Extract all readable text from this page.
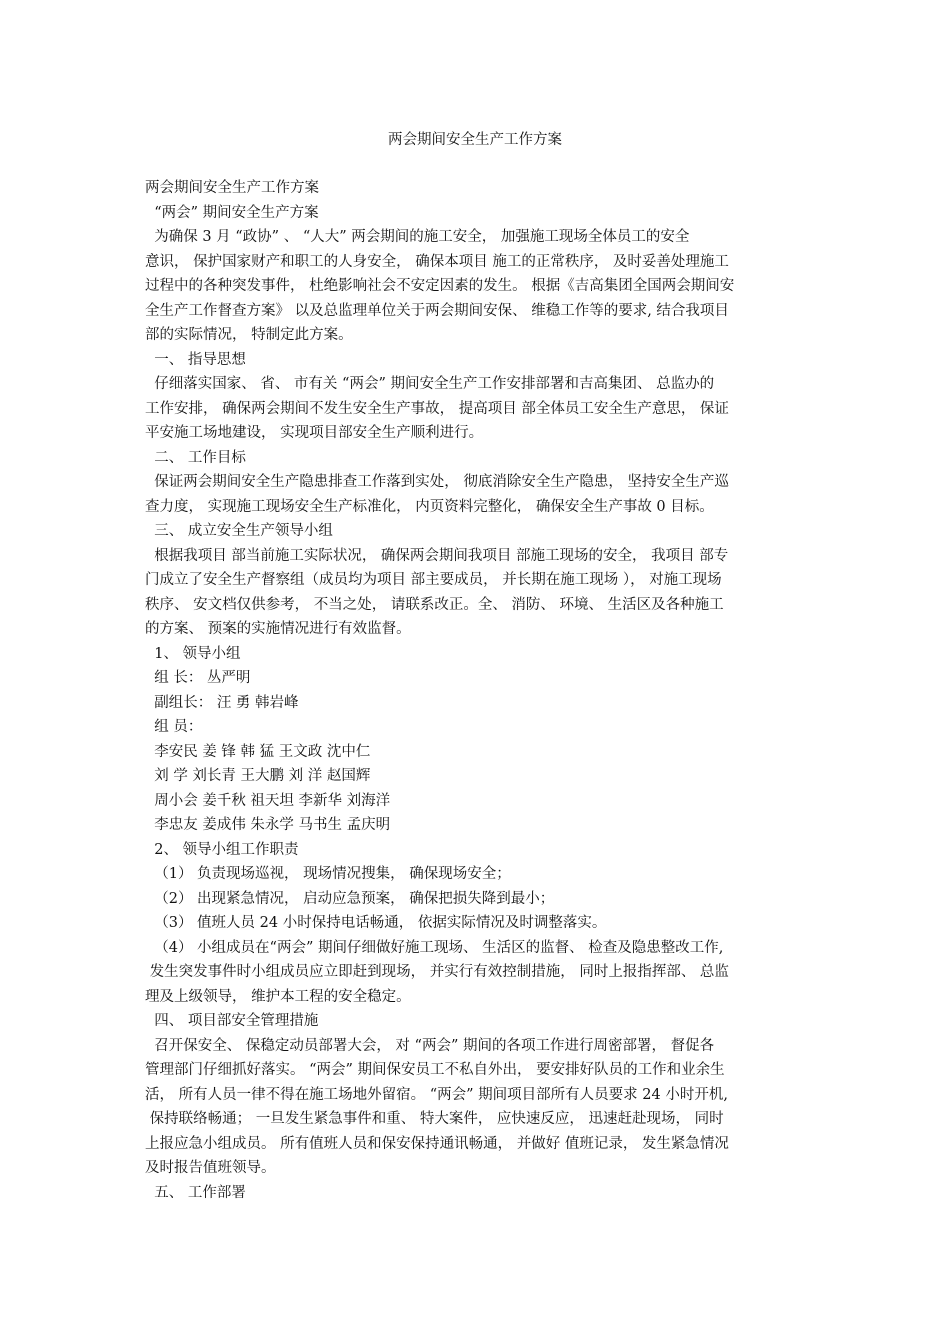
两会期间安全生产工作方案
两会期间安全生产工作方案
“两会” 期间安全生产方案
为确保 3 月 “政协” 、 “人大” 两会期间的施工安全， 加强施工现场全体员工的安全
意识， 保护国家财产和职工的人身安全， 确保本项目 施工的正常秩序， 及时妥善处理施工
过程中的各种突发事件， 杜绝影响社会不安定因素的发生。 根据《吉高集团全国两会期间安
全生产工作督查方案》 以及总监理单位关于两会期间安保、 维稳工作等的要求, 结合我项目
部的实际情况， 特制定此方案。
一、 指导思想
仔细落实国家、 省、 市有关 “两会” 期间安全生产工作安排部署和吉高集团、 总监办的
工作安排， 确保两会期间不发生安全生产事故， 提高项目 部全体员工安全生产意思， 保证
平安施工场地建设， 实现项目部安全生产顺利进行。
二、 工作目标
保证两会期间安全生产隐患排查工作落到实处， 彻底消除安全生产隐患， 坚持安全生产巡
查力度， 实现施工现场安全生产标准化， 内页资料完整化， 确保安全生产事故 0 目标。
三、 成立安全生产领导小组
根据我项目 部当前施工实际状况， 确保两会期间我项目 部施工现场的安全， 我项目 部专
门成立了安全生产督察组（成员均为项目 部主要成员， 并长期在施工现场 ）， 对施工现场
秩序、 安文档仅供参考， 不当之处， 请联系改正。全、 消防、 环境、 生活区及各种施工
的方案、 预案的实施情况进行有效监督。
1、 领导小组
组 长： 丛严明
副组长： 汪 勇 韩岩峰
组 员：
李安民 姜 锋 韩 猛 王文政 沈中仁
刘 学 刘长青 王大鹏 刘 洋 赵国辉
周小会 姜千秋 祖天坦 李新华 刘海洋
李忠友 姜成伟 朱永学 马书生 孟庆明
2、 领导小组工作职责
（1） 负责现场巡视， 现场情况搜集， 确保现场安全；
（2） 出现紧急情况， 启动应急预案， 确保把损失降到最小；
（3） 值班人员 24 小时保持电话畅通， 依据实际情况及时调整落实。
（4） 小组成员在“两会” 期间仔细做好施工现场、 生活区的监督、 检查及隐患整改工作,
发生突发事件时小组成员应立即赶到现场， 并实行有效控制措施， 同时上报指挥部、 总监
理及上级领导， 维护本工程的安全稳定。
四、 项目部安全管理措施
召开保安全、 保稳定动员部署大会， 对 “两会” 期间的各项工作进行周密部署， 督促各
管理部门仔细抓好落实。 “两会” 期间保安员工不私自外出， 要安排好队员的工作和业余生
活， 所有人员一律不得在施工场地外留宿。 “两会” 期间项目部所有人员要求 24 小时开机,
保持联络畅通； 一旦发生紧急事件和重、 特大案件， 应快速反应， 迅速赶赴现场， 同时
上报应急小组成员。 所有值班人员和保安保持通讯畅通， 并做好 值班记录， 发生紧急情况
及时报告值班领导。
五、 工作部署
